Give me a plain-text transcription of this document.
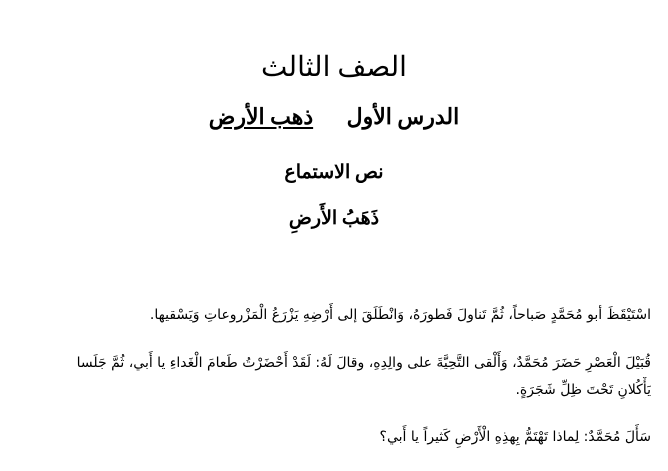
الصف الثالث
الدرس الأول ذهب الأرض
نص الاستماع
ذَهَبُ الأَرضِ
اسْتَيْقَظَ أبو مُحَمَّدٍ صَباحاً، ثُمَّ تَناولَ فَطورَهُ، وَانْطَلَقَ إلى أَرْضِهِ يَزْرَعُ الْمَزْروعاتِ وَيَسْقيها.
قُبَيْلَ الْعَصْرِ حَضَرَ مُحَمَّدٌ، وَأَلْقى التَّحِيَّةَ على والِدِهِ، وقالَ لَهُ: لَقَدْ أَحْضَرْتُ طَعامَ الْغَداءِ يا أَبي، ثُمَّ جَلَسا
يَأْكُلانِ تَحْتَ ظِلِّ شَجَرَةٍ.
سَأَلَ مُحَمَّدٌ: لِماذا تَهْتَمُّ بِهذِهِ الْأَرْضِ كَثيراً يا أَبي؟
